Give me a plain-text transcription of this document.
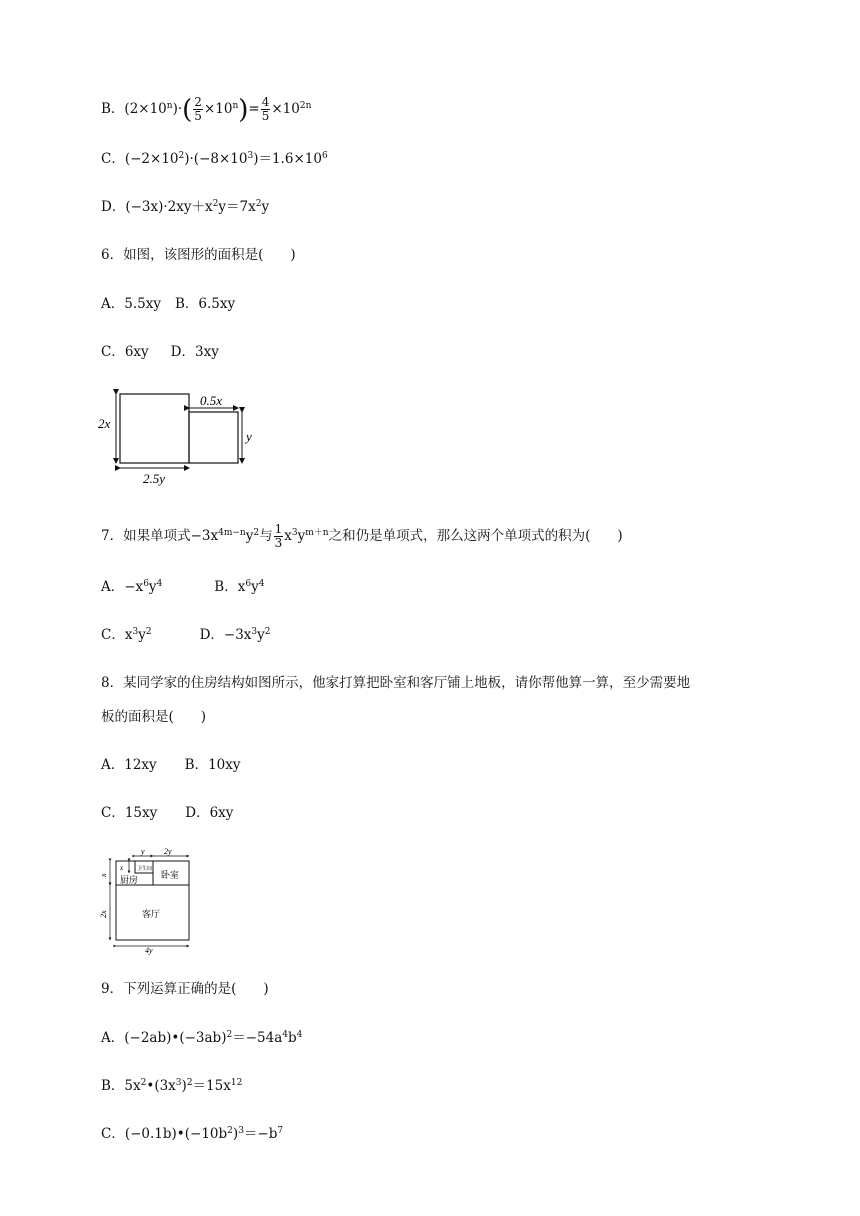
B．$(2\times 10^n)\cdot( \frac{2}{5} \times 10^n)= \frac{4}{5} \times 10^{2n}$
C．$(-2\times 10^2)\cdot(-8\times 10^3)=1.6\times 10^6$
D．$(-3x)\cdot 2xy+x^2y=7x^2y$
6．如图，该图形的面积是(　　)
A．5.5xy B．6.5xy
C．6xy D．3xy
2x
2.5y
0.5x
y
7．如果单项式$-3x^{4m-n}y^2$与 $\frac{1}{3} x^3y^{m+n}$之和仍是单项式，那么这两个单项式的积为(　　)
A．$-x^6y^4$	B．$x^6y^4$
C．$x^3y^2$	D．$-3x^3y^2$
8．某同学家的住房结构如图所示，他家打算把卧室和客厅铺上地板，请你帮他算一算，至少需要地
板的面积是(　　)
A．12xy B．10xy
C．15xy D．6xy
卫生间
厨房	卧室
客厅
y 2y
x
x
2x
4y
9．下列运算正确的是(　　)
A．$(-2ab)•(-3ab)^2=-54a^4b^4$
B．$5x^2•(3x^3)^2=15x^{12}$
C．$(-0.1b)•(-10b^2)^3=-b^7$
